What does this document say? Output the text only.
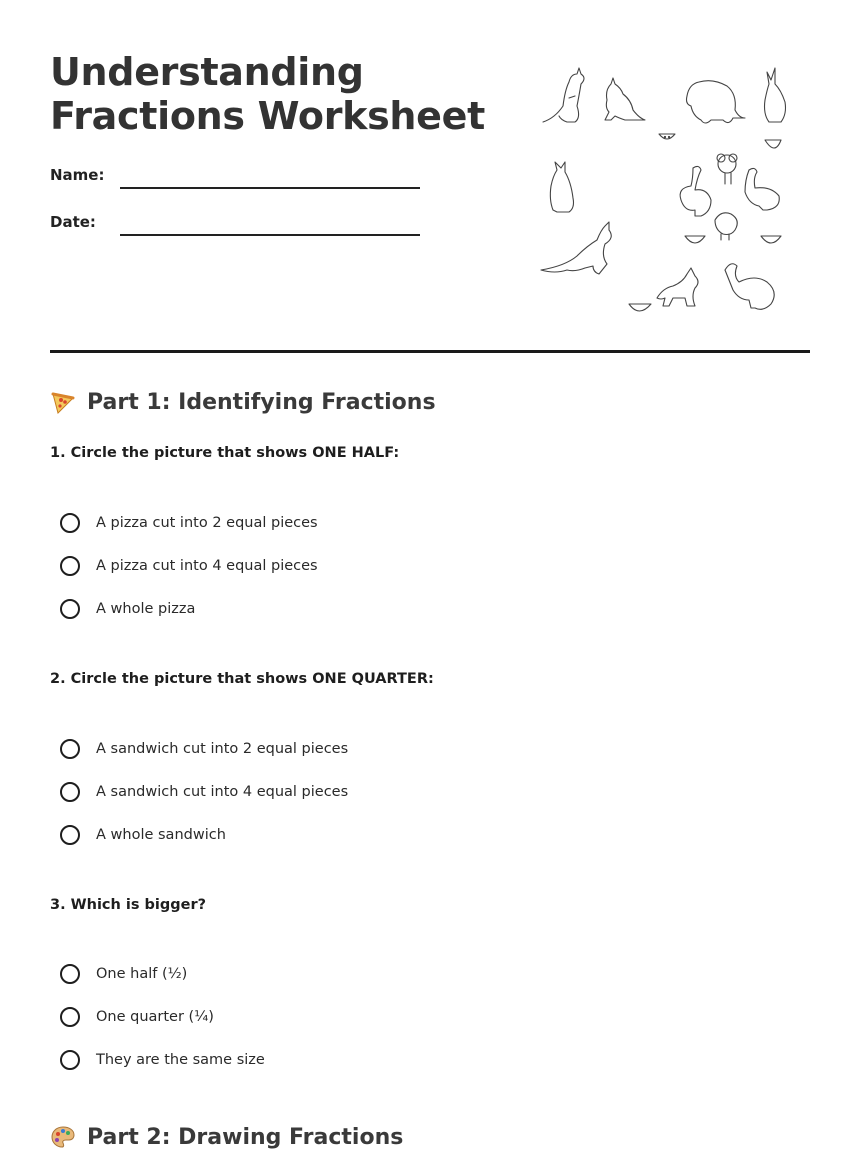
Understanding
Fractions Worksheet
Name:
Date:
Part 1: Identifying Fractions

1. Circle the picture that shows ONE HALF:

A pizza cut into 2 equal pieces
A pizza cut into 4 equal pieces
A whole pizza

2. Circle the picture that shows ONE QUARTER:

A sandwich cut into 2 equal pieces
A sandwich cut into 4 equal pieces
A whole sandwich

3. Which is bigger?

One half (½)
One quarter (¼)
They are the same size
Part 2: Drawing Fractions
